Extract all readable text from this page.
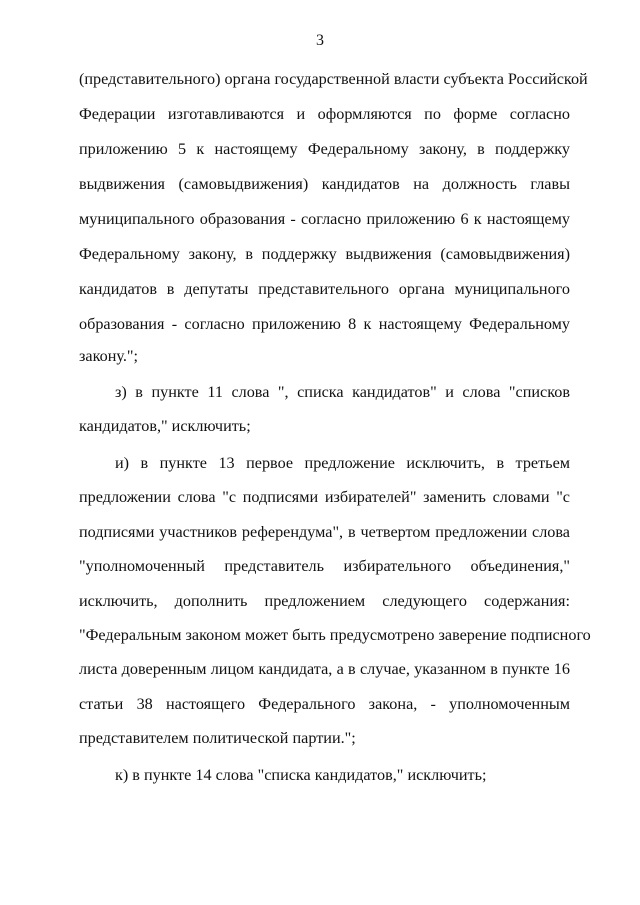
3
(представительного) органа государственной власти субъекта Российской
Федерации изготавливаются и оформляются по форме согласно
приложению 5 к настоящему Федеральному закону, в поддержку
выдвижения (самовыдвижения) кандидатов на должность главы
муниципального образования - согласно приложению 6 к настоящему
Федеральному закону, в поддержку выдвижения (самовыдвижения)
кандидатов в депутаты представительного органа муниципального
образования - согласно приложению 8 к настоящему Федеральному
закону.";
з) в пункте 11 слова ", списка кандидатов" и слова "списков
кандидатов," исключить;
и) в пункте 13 первое предложение исключить, в третьем
предложении слова "с подписями избирателей" заменить словами "с
подписями участников референдума", в четвертом предложении слова
"уполномоченный представитель избирательного объединения,"
исключить, дополнить предложением следующего содержания:
"Федеральным законом может быть предусмотрено заверение подписного
листа доверенным лицом кандидата, а в случае, указанном в пункте 16
статьи 38 настоящего Федерального закона, - уполномоченным
представителем политической партии.";
к) в пункте 14 слова "списка кандидатов," исключить;
